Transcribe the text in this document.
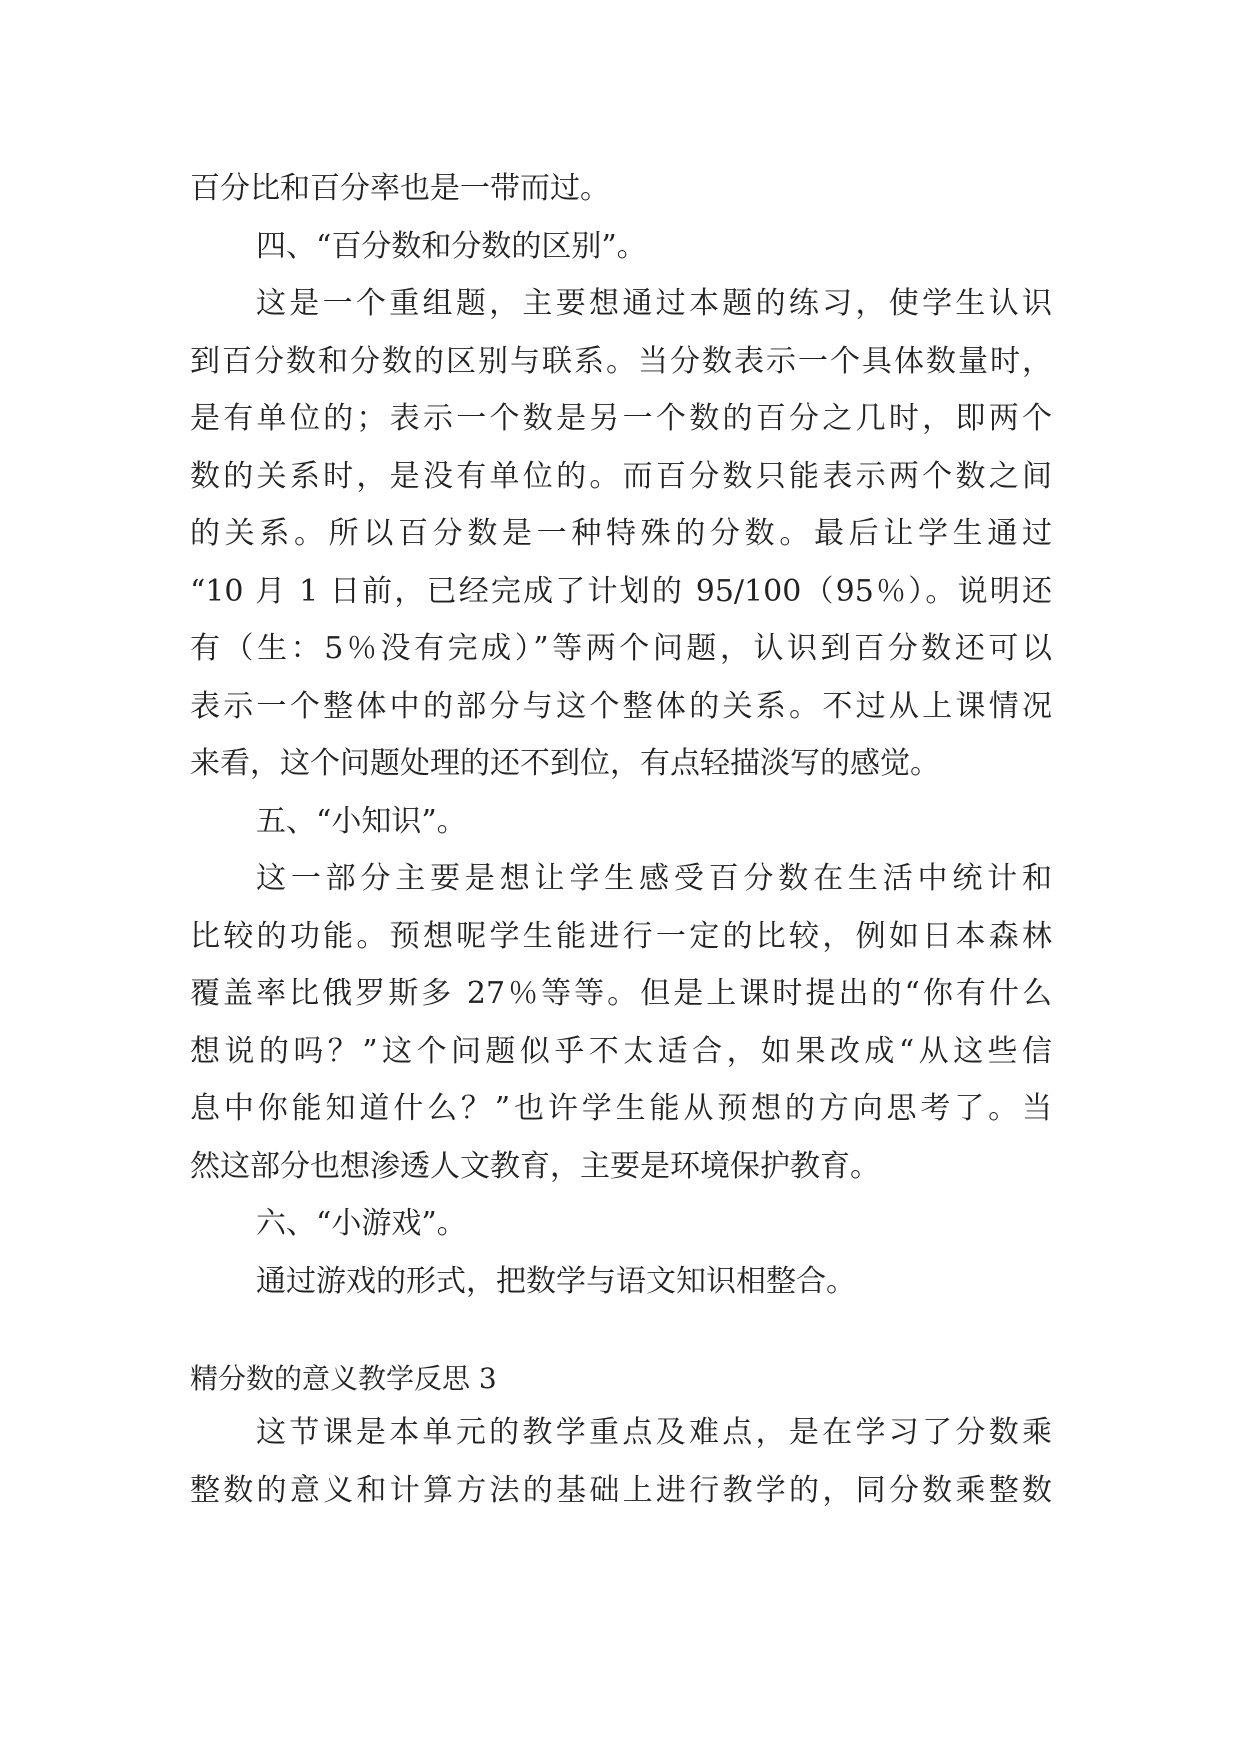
百分比和百分率也是一带而过。
四、“百分数和分数的区别”。
这是一个重组题，主要想通过本题的练习，使学生认识
到百分数和分数的区别与联系。当分数表示一个具体数量时，
是有单位的；表示一个数是另一个数的百分之几时，即两个
数的关系时，是没有单位的。而百分数只能表示两个数之间
的关系。所以百分数是一种特殊的分数。最后让学生通过
“10 月 1 日前，已经完成了计划的 95/100（95％）。说明还
有（生：5％没有完成）”等两个问题，认识到百分数还可以
表示一个整体中的部分与这个整体的关系。不过从上课情况
来看，这个问题处理的还不到位，有点轻描淡写的感觉。
五、“小知识”。
这一部分主要是想让学生感受百分数在生活中统计和
比较的功能。预想呢学生能进行一定的比较，例如日本森林
覆盖率比俄罗斯多 27％等等。但是上课时提出的“你有什么
想说的吗？”这个问题似乎不太适合，如果改成“从这些信
息中你能知道什么？”也许学生能从预想的方向思考了。当
然这部分也想渗透人文教育，主要是环境保护教育。
六、“小游戏”。
通过游戏的形式，把数学与语文知识相整合。
精分数的意义教学反思 3
这节课是本单元的教学重点及难点，是在学习了分数乘
整数的意义和计算方法的基础上进行教学的，同分数乘整数
